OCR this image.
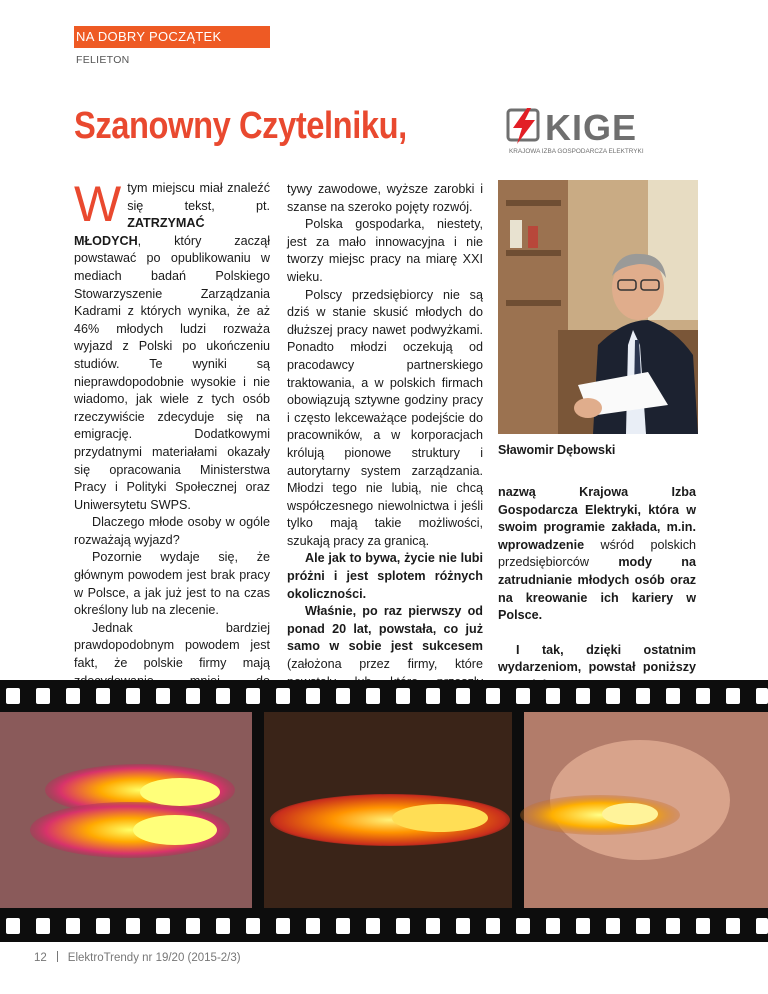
NA DOBRY POCZĄTEK
FELIETON
Szanowny Czytelniku,	KIGE
KRAJOWA IZBA GOSPODARCZA ELEKTRYKI

W tym miejscu miał znaleźć się tekst, pt. ZATRZYMAĆ MŁODYCH, który zaczął powstawać po opublikowaniu w mediach badań Polskiego Stowarzyszenie Zarządzania Kadrami z których wynika, że aż 46% młodych ludzi rozważa wyjazd z Polski po ukończeniu studiów. Te wyniki są nieprawdopodobnie wysokie i nie wiadomo, jak wiele z tych osób rzeczywiście zdecyduje się na emigrację. Dodatkowymi przydatnymi materiałami okazały się opracowania Ministerstwa Pracy i Polityki Społecznej oraz Uniwersytetu SWPS.

Dlaczego młode osoby w ogóle rozważają wyjazd?

Pozornie wydaje się, że głównym powodem jest brak pracy w Polsce, a jak już jest to na czas określony lub na zlecenie.

Jednak bardziej prawdopodobnym powodem jest fakt, że polskie firmy mają

tywy zawodowe, wyższe zarobki i szanse na szeroko pojęty rozwój.

Polska gospodarka, niestety, jest za mało innowacyjna i nie tworzy miejsc pracy na miarę XXI wieku.

Polscy przedsiębiorcy nie są dziś w stanie skusić młodych do dłuższej pracy nawet podwyżkami. Ponadto młodzi oczekują od pracodawcy partnerskiego traktowania, a w polskich firmach obowiązują sztywne godziny pracy i często lekceważące podejście do pracowników, a w korporacjach królują pionowe struktury i autorytarny system zarządzania. Młodzi tego nie lubią, nie chcą współczesnego niewolnictwa i jeśli tylko mają takie możliwości, szukają pracy za granicą.

Ale jak to bywa, życie nie lubi próżni i jest splotem różnych okoliczności.

Właśnie, po raz pierwszy od ponad 20 lat, powstała, co już samo w sobie jest sukcesem (założona przez firmy, które

Sławomir Dębowski

nazwą Krajowa Izba Gospodarcza Elektryki, która w swoim programie zakłada, m.in. wprowadzenie wśród polskich przedsiębiorców mody na zatrudnianie młodych osób oraz na kreowanie ich kariery w Polsce.

I tak, dzięki ostatnim wydarzeniom, powstał poniższy

12 ElektroTrendy nr 19/20 (2015-2/3)
